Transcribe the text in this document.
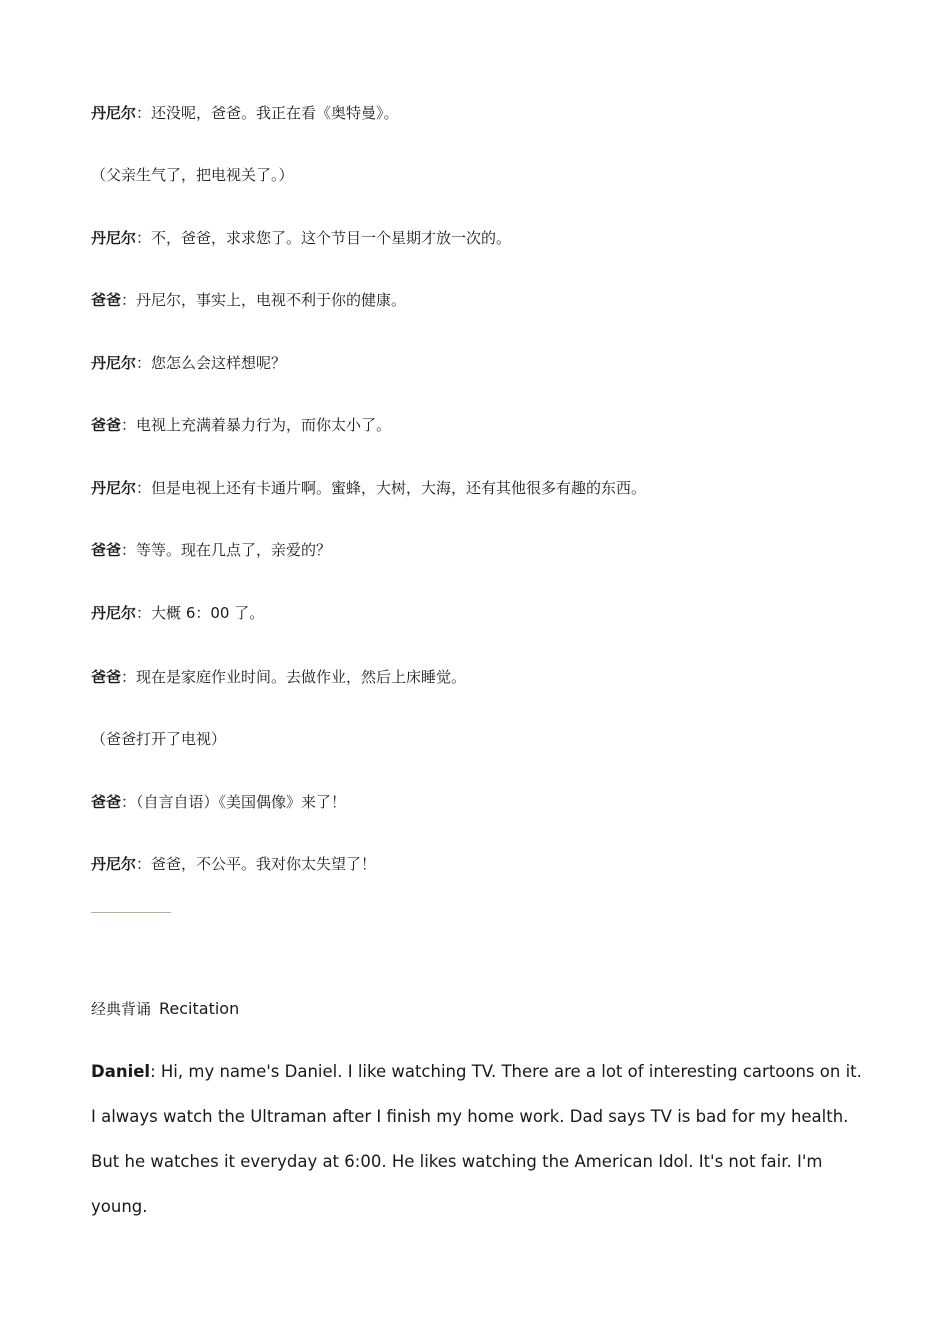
丹尼尔：还没呢，爸爸。我正在看《奥特曼》。
（父亲生气了，把电视关了。）
丹尼尔：不，爸爸，求求您了。这个节目一个星期才放一次的。
爸爸：丹尼尔，事实上，电视不利于你的健康。
丹尼尔：您怎么会这样想呢？
爸爸：电视上充满着暴力行为，而你太小了。
丹尼尔：但是电视上还有卡通片啊。蜜蜂，大树，大海，还有其他很多有趣的东西。
爸爸：等等。现在几点了，亲爱的？
丹尼尔：大概 6：00 了。
爸爸：现在是家庭作业时间。去做作业，然后上床睡觉。
（爸爸打开了电视）
爸爸：（自言自语）《美国偶像》来了！
丹尼尔：爸爸，不公平。我对你太失望了！
经典背诵 Recitation
Daniel: Hi, my name's Daniel. I like watching TV. There are a lot of interesting cartoons on it. I always watch the Ultraman after I finish my home work. Dad says TV is bad for my health. But he watches it everyday at 6:00. He likes watching the American Idol. It's not fair. I'm young.
